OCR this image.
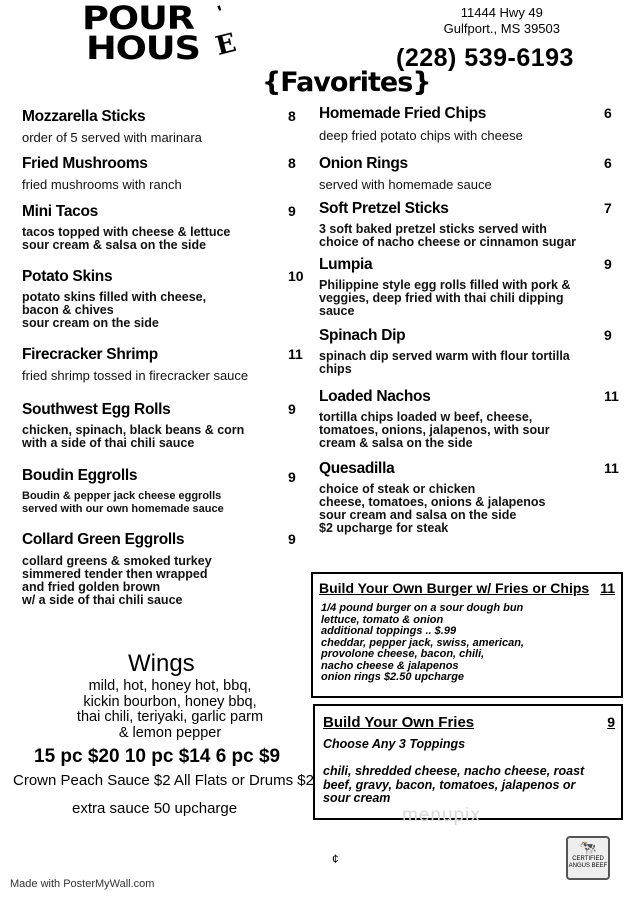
POUR ʹ
HOUS E
11444 Hwy 49
Gulfport., MS 39503
(228) 539-6193
{Favorites}
Mozzarella Sticks	8
order of 5 served with marinara
Fried Mushrooms	8
fried mushrooms with ranch
Mini Tacos	9
tacos topped with cheese & lettuce
sour cream & salsa on the side
Potato Skins	10
potato skins filled with cheese,
bacon & chives
sour cream on the side
Firecracker Shrimp	11
fried shrimp tossed in firecracker sauce
Southwest Egg Rolls	9
chicken, spinach, black beans & corn
with a side of thai chili sauce
Boudin Eggrolls	9
Boudin & pepper jack cheese eggrolls
served with our own homemade sauce
Collard Green Eggrolls	9
collard greens & smoked turkey
simmered tender then wrapped
and fried golden brown
w/ a side of thai chili sauce
Homemade Fried Chips	6
deep fried potato chips with cheese
Onion Rings	6
served with homemade sauce
Soft Pretzel Sticks	7
3 soft baked pretzel sticks served with
choice of nacho cheese or cinnamon sugar
Lumpia	9
Philippine style egg rolls filled with pork &
veggies, deep fried with thai chili dipping
sauce
Spinach Dip	9
spinach dip served warm with flour tortilla
chips
Loaded Nachos	11
tortilla chips loaded w beef, cheese,
tomatoes, onions, jalapenos, with sour
cream & salsa on the side
Quesadilla	11
choice of steak or chicken
cheese, tomatoes, onions & jalapenos
sour cream and salsa on the side
$2 upcharge for steak
Build Your Own Burger w/ Fries or Chips 11
1/4 pound burger on a sour dough bun
lettuce, tomato & onion
additional toppings .. $.99
cheddar, pepper jack, swiss, american,
provolone cheese, bacon, chili,
nacho cheese & jalapenos
onion rings $2.50 upcharge
Build Your Own Fries	9
Choose Any 3 Toppings
chili, shredded cheese, nacho cheese, roast
beef, gravy, bacon, tomatoes, jalapenos or
sour cream
Wings
mild, hot, honey hot, bbq,
kickin bourbon, honey bbq,
thai chili, teriyaki, garlic parm
& lemon pepper
15 pc $20 10 pc $14 6 pc $9
Crown Peach Sauce $2 All Flats or Drums $2
extra sauce 50 upcharge	menupix
¢
🐄
CERTIFIED ANGUS BEEF
Made with PosterMyWall.com
